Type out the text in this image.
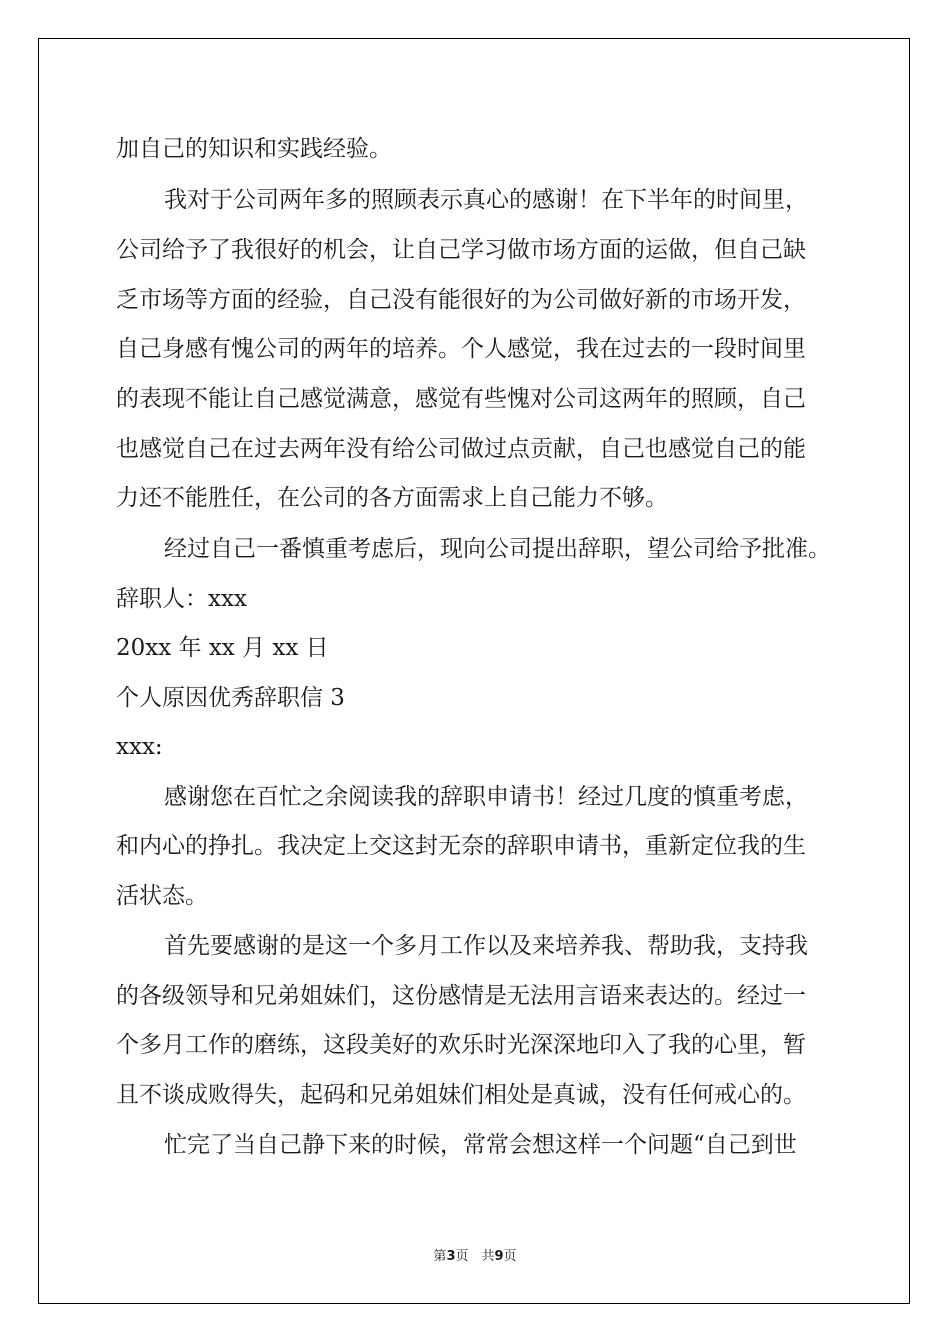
加自己的知识和实践经验。

我对于公司两年多的照顾表示真心的感谢！在下半年的时间里，

公司给予了我很好的机会，让自己学习做市场方面的运做，但自己缺

乏市场等方面的经验，自己没有能很好的为公司做好新的市场开发，

自己身感有愧公司的两年的培养。个人感觉，我在过去的一段时间里

的表现不能让自己感觉满意，感觉有些愧对公司这两年的照顾，自己

也感觉自己在过去两年没有给公司做过点贡献，自己也感觉自己的能

力还不能胜任，在公司的各方面需求上自己能力不够。

经过自己一番慎重考虑后，现向公司提出辞职，望公司给予批准。

辞职人：xxx

20xx 年 xx 月 xx 日

个人原因优秀辞职信 3

xxx:

感谢您在百忙之余阅读我的辞职申请书！经过几度的慎重考虑，

和内心的挣扎。我决定上交这封无奈的辞职申请书，重新定位我的生

活状态。

首先要感谢的是这一个多月工作以及来培养我、帮助我，支持我

的各级领导和兄弟姐妹们，这份感情是无法用言语来表达的。经过一

个多月工作的磨练，这段美好的欢乐时光深深地印入了我的心里，暂

且不谈成败得失，起码和兄弟姐妹们相处是真诚，没有任何戒心的。

忙完了当自己静下来的时候，常常会想这样一个问题“自己到世

第3页　共9页
